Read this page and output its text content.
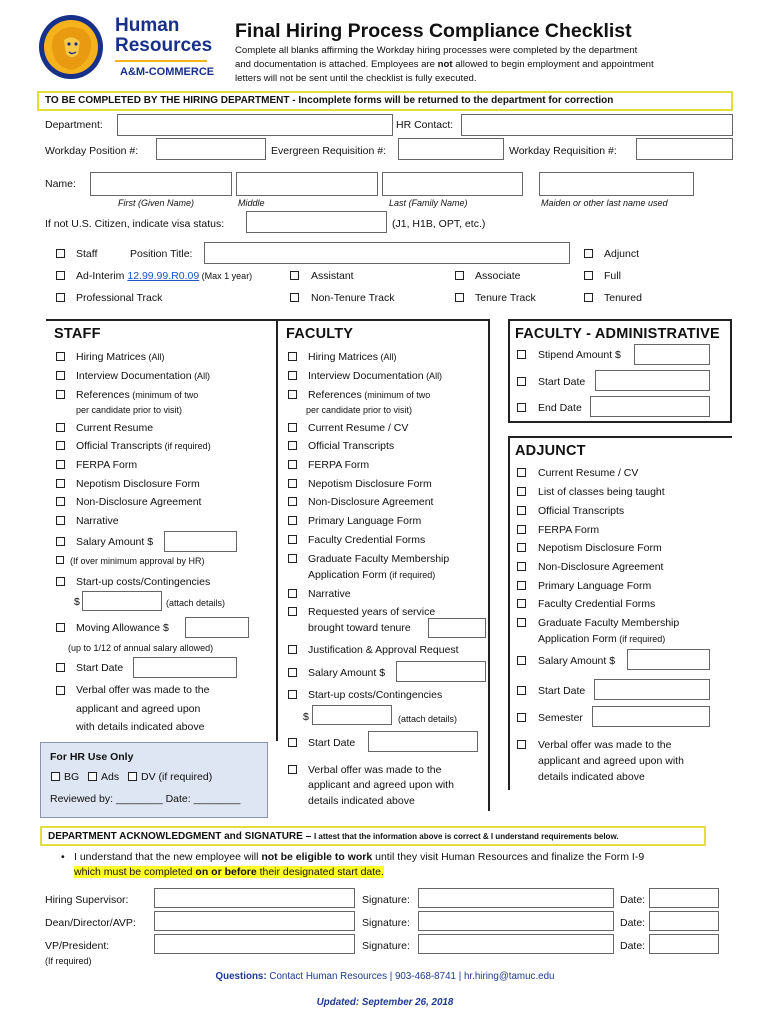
Human
Resources
A&M-COMMERCE
Final Hiring Process Compliance Checklist
Complete all blanks affirming the Workday hiring processes were completed by the department
and documentation is attached. Employees are not allowed to begin employment and appointment
letters will not be sent until the checklist is fully executed.
TO BE COMPLETED BY THE HIRING DEPARTMENT - Incomplete forms will be returned to the department for correction
Department:	HR Contact:
Workday Position #:	Evergreen Requisition #:	Workday Requisition #:
Name:
First (Given Name)	Middle	Last (Family Name)	Maiden or other last name used
If not U.S. Citizen, indicate visa status:	(J1, H1B, OPT, etc.)
Staff	Position Title:	Adjunct
Ad-Interim 12.99.99.R0.09 (Max 1 year)	Assistant	Associate	Full
Professional Track	Non-Tenure Track	Tenure Track	Tenured
STAFF
Hiring Matrices (All)
Interview Documentation (All)
References (minimum of two
per candidate prior to visit)
Current Resume
Official Transcripts (if required)
FERPA Form
Nepotism Disclosure Form
Non-Disclosure Agreement
Narrative
Salary Amount $
(If over minimum approval by HR)
Start-up costs/Contingencies
$	(attach details)
Moving Allowance $
(up to 1/12 of annual salary allowed)
Start Date
Verbal offer was made to the
applicant and agreed upon
with details indicated above
For HR Use Only
BG Ads DV (if required)
Reviewed by: ________ Date: ________
FACULTY
Hiring Matrices (All)
Interview Documentation (All)
References (minimum of two
per candidate prior to visit)
Current Resume / CV
Official Transcripts
FERPA Form
Nepotism Disclosure Form
Non-Disclosure Agreement
Primary Language Form
Faculty Credential Forms
Graduate Faculty Membership
Application Form (if required)
Narrative
Requested years of service
brought toward tenure
Justification & Approval Request
Salary Amount $
Start-up costs/Contingencies
$	(attach details)
Start Date
Verbal offer was made to the
applicant and agreed upon with
details indicated above
FACULTY - ADMINISTRATIVE
Stipend Amount $
Start Date
End Date
ADJUNCT
Current Resume / CV
List of classes being taught
Official Transcripts
FERPA Form
Nepotism Disclosure Form
Non-Disclosure Agreement
Primary Language Form
Faculty Credential Forms
Graduate Faculty Membership
Application Form (if required)
Salary Amount $
Start Date
Semester
Verbal offer was made to the
applicant and agreed upon with
details indicated above
DEPARTMENT ACKNOWLEDGMENT and SIGNATURE – I attest that the information above is correct & I understand requirements below.
• I understand that the new employee will not be eligible to work until they visit Human Resources and finalize the Form I-9
which must be completed on or before their designated start date.
Hiring Supervisor:	Signature:	Date:
Dean/Director/AVP:	Signature:	Date:
VP/President:	Signature:	Date:
(If required)
Questions: Contact Human Resources | 903-468-8741 | hr.hiring@tamuc.edu
Updated: September 26, 2018
